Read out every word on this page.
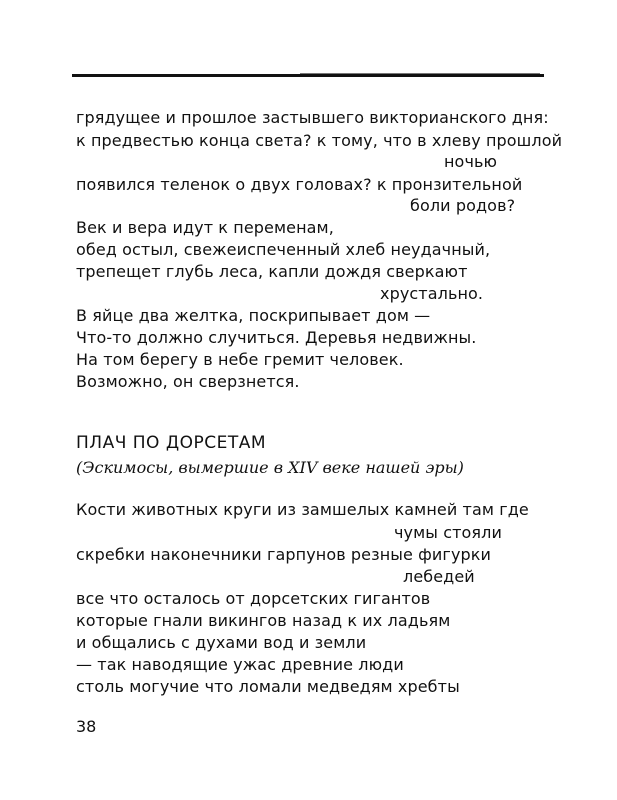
грядущее и прошлое застывшего викторианского дня:
к предвестью конца света? к тому, что в хлеву прошлой
ночью
появился теленок о двух головах? к пронзительной
боли родов?
Век и вера идут к переменам,
обед остыл, свежеиспеченный хлеб неудачный,
трепещет глубь леса, капли дождя сверкают
хрустально.
В яйце два желтка, поскрипывает дом —
Что-то должно случиться. Деревья недвижны.
На том берегу в небе гремит человек.
Возможно, он сверзнется.
ПЛАЧ ПО ДОРСЕТАМ
(Эскимосы, вымершие в XIV веке нашей эры)
Кости животных круги из замшелых камней там где
чумы стояли
скребки наконечники гарпунов резные фигурки
лебедей
все что осталось от дорсетских гигантов
которые гнали викингов назад к их ладьям
и общались с духами вод и земли
— так наводящие ужас древние люди
столь могучие что ломали медведям хребты
38
